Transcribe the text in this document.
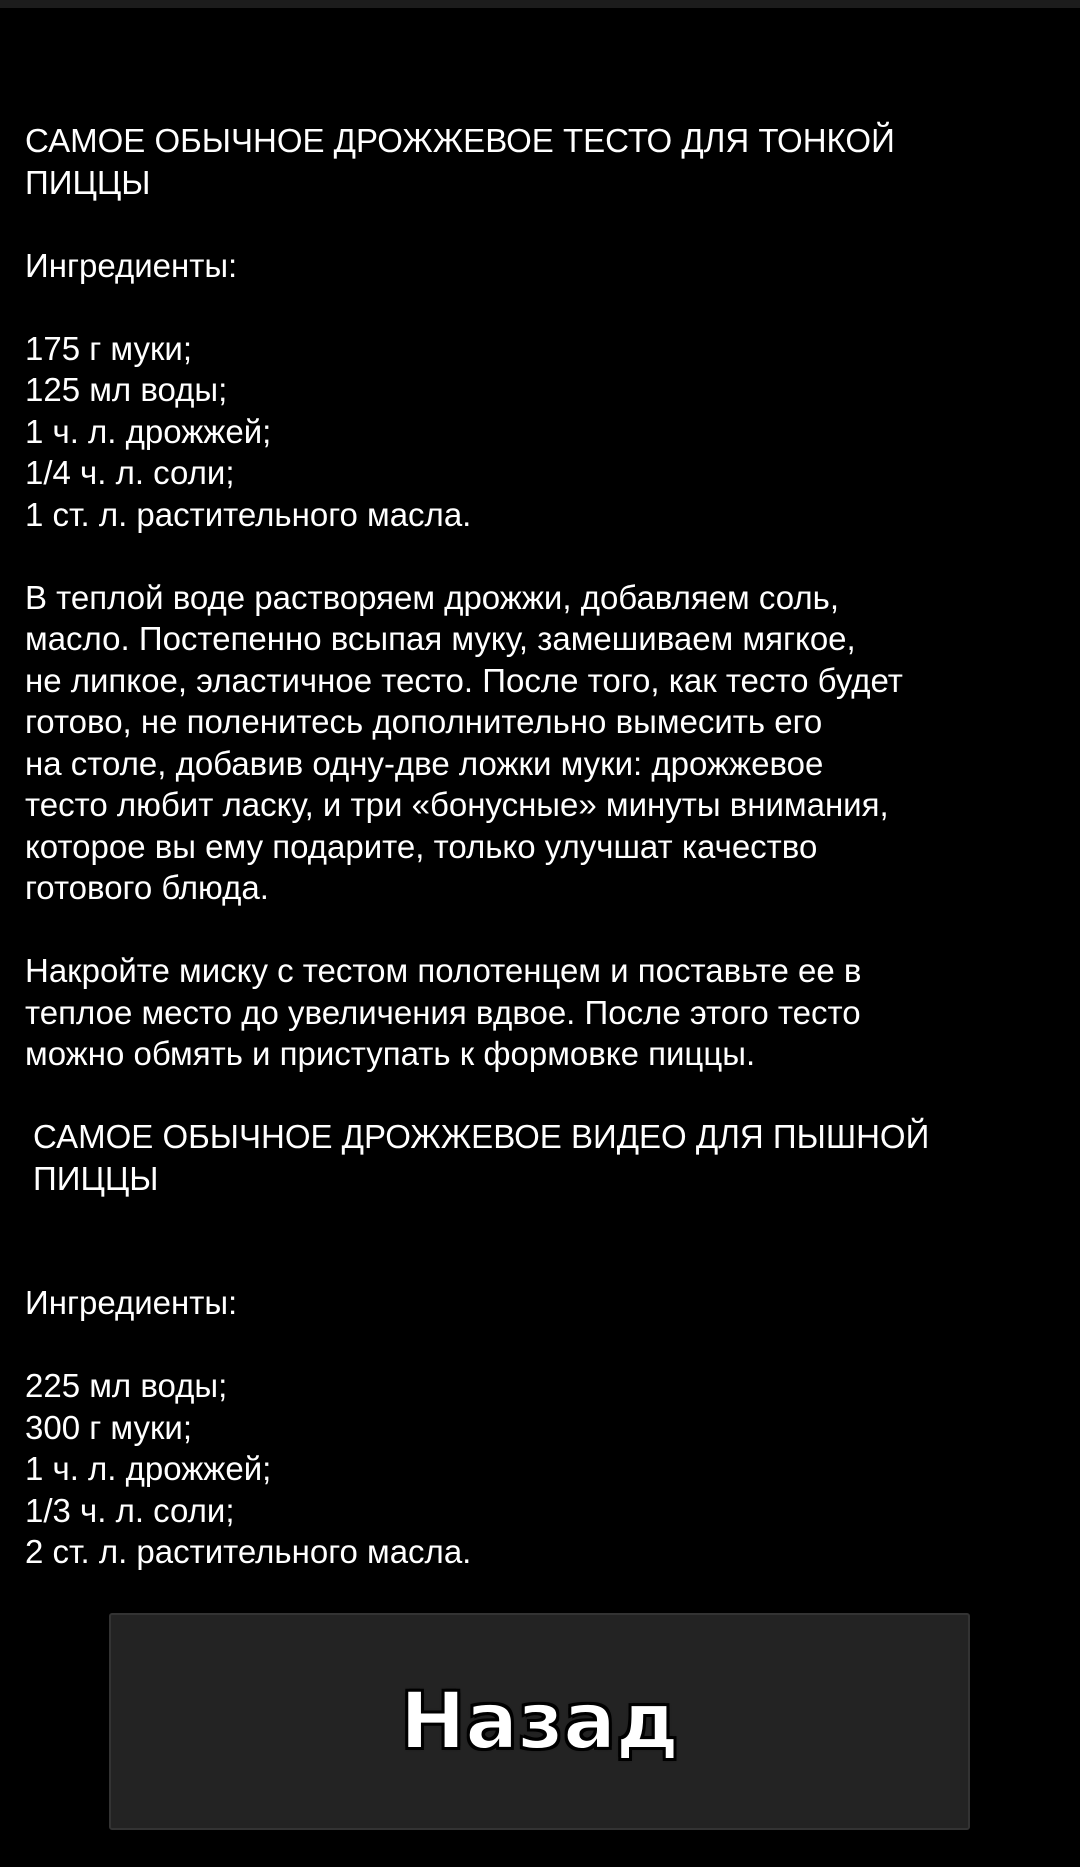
САМОЕ ОБЫЧНОЕ ДРОЖЖЕВОЕ ТЕСТО ДЛЯ ТОНКОЙ
ПИЦЦЫ

Ингредиенты:

175 г муки;
125 мл воды;
1 ч. л. дрожжей;
1/4 ч. л. соли;
1 ст. л. растительного масла.

В теплой воде растворяем дрожжи, добавляем соль,
масло. Постепенно всыпая муку, замешиваем мягкое,
не липкое, эластичное тесто. После того, как тесто будет
готово, не поленитесь дополнительно вымесить его
на столе, добавив одну-две ложки муки: дрожжевое
тесто любит ласку, и три «бонусные» минуты внимания,
которое вы ему подарите, только улучшат качество
готового блюда.

Накройте миску с тестом полотенцем и поставьте ее в
теплое место до увеличения вдвое. После этого тесто
можно обмять и приступать к формовке пиццы.

САМОЕ ОБЫЧНОЕ ДРОЖЖЕВОЕ ВИДЕО ДЛЯ ПЫШНОЙ
ПИЦЦЫ

Ингредиенты:

225 мл воды;
300 г муки;
1 ч. л. дрожжей;
1/3 ч. л. соли;
2 ст. л. растительного масла.

Назад
